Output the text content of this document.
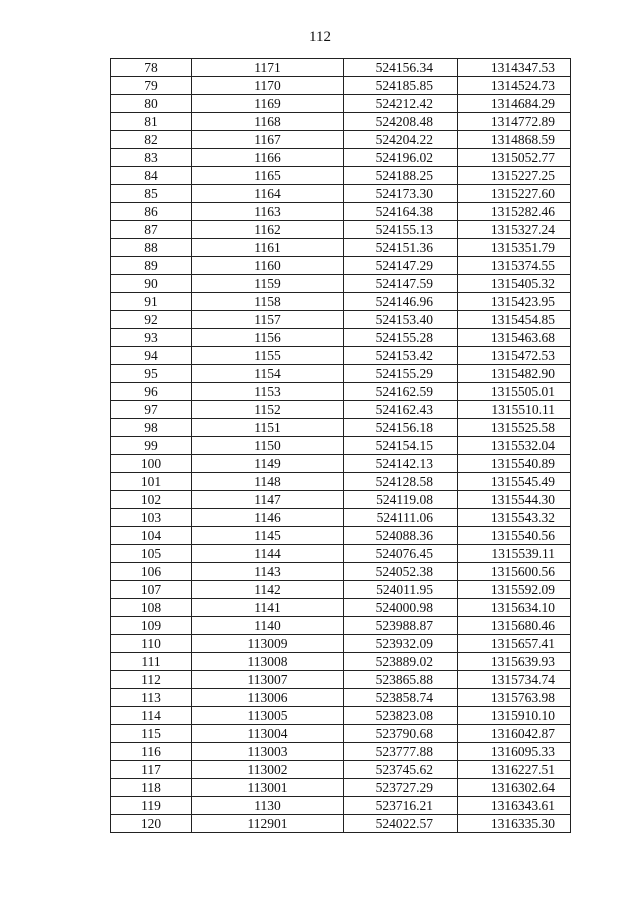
112
78	1171	524156.34	1314347.53
79	1170	524185.85	1314524.73
80	1169	524212.42	1314684.29
81	1168	524208.48	1314772.89
82	1167	524204.22	1314868.59
83	1166	524196.02	1315052.77
84	1165	524188.25	1315227.25
85	1164	524173.30	1315227.60
86	1163	524164.38	1315282.46
87	1162	524155.13	1315327.24
88	1161	524151.36	1315351.79
89	1160	524147.29	1315374.55
90	1159	524147.59	1315405.32
91	1158	524146.96	1315423.95
92	1157	524153.40	1315454.85
93	1156	524155.28	1315463.68
94	1155	524153.42	1315472.53
95	1154	524155.29	1315482.90
96	1153	524162.59	1315505.01
97	1152	524162.43	1315510.11
98	1151	524156.18	1315525.58
99	1150	524154.15	1315532.04
100	1149	524142.13	1315540.89
101	1148	524128.58	1315545.49
102	1147	524119.08	1315544.30
103	1146	524111.06	1315543.32
104	1145	524088.36	1315540.56
105	1144	524076.45	1315539.11
106	1143	524052.38	1315600.56
107	1142	524011.95	1315592.09
108	1141	524000.98	1315634.10
109	1140	523988.87	1315680.46
110	113009	523932.09	1315657.41
111	113008	523889.02	1315639.93
112	113007	523865.88	1315734.74
113	113006	523858.74	1315763.98
114	113005	523823.08	1315910.10
115	113004	523790.68	1316042.87
116	113003	523777.88	1316095.33
117	113002	523745.62	1316227.51
118	113001	523727.29	1316302.64
119	1130	523716.21	1316343.61
120	112901	524022.57	1316335.30
